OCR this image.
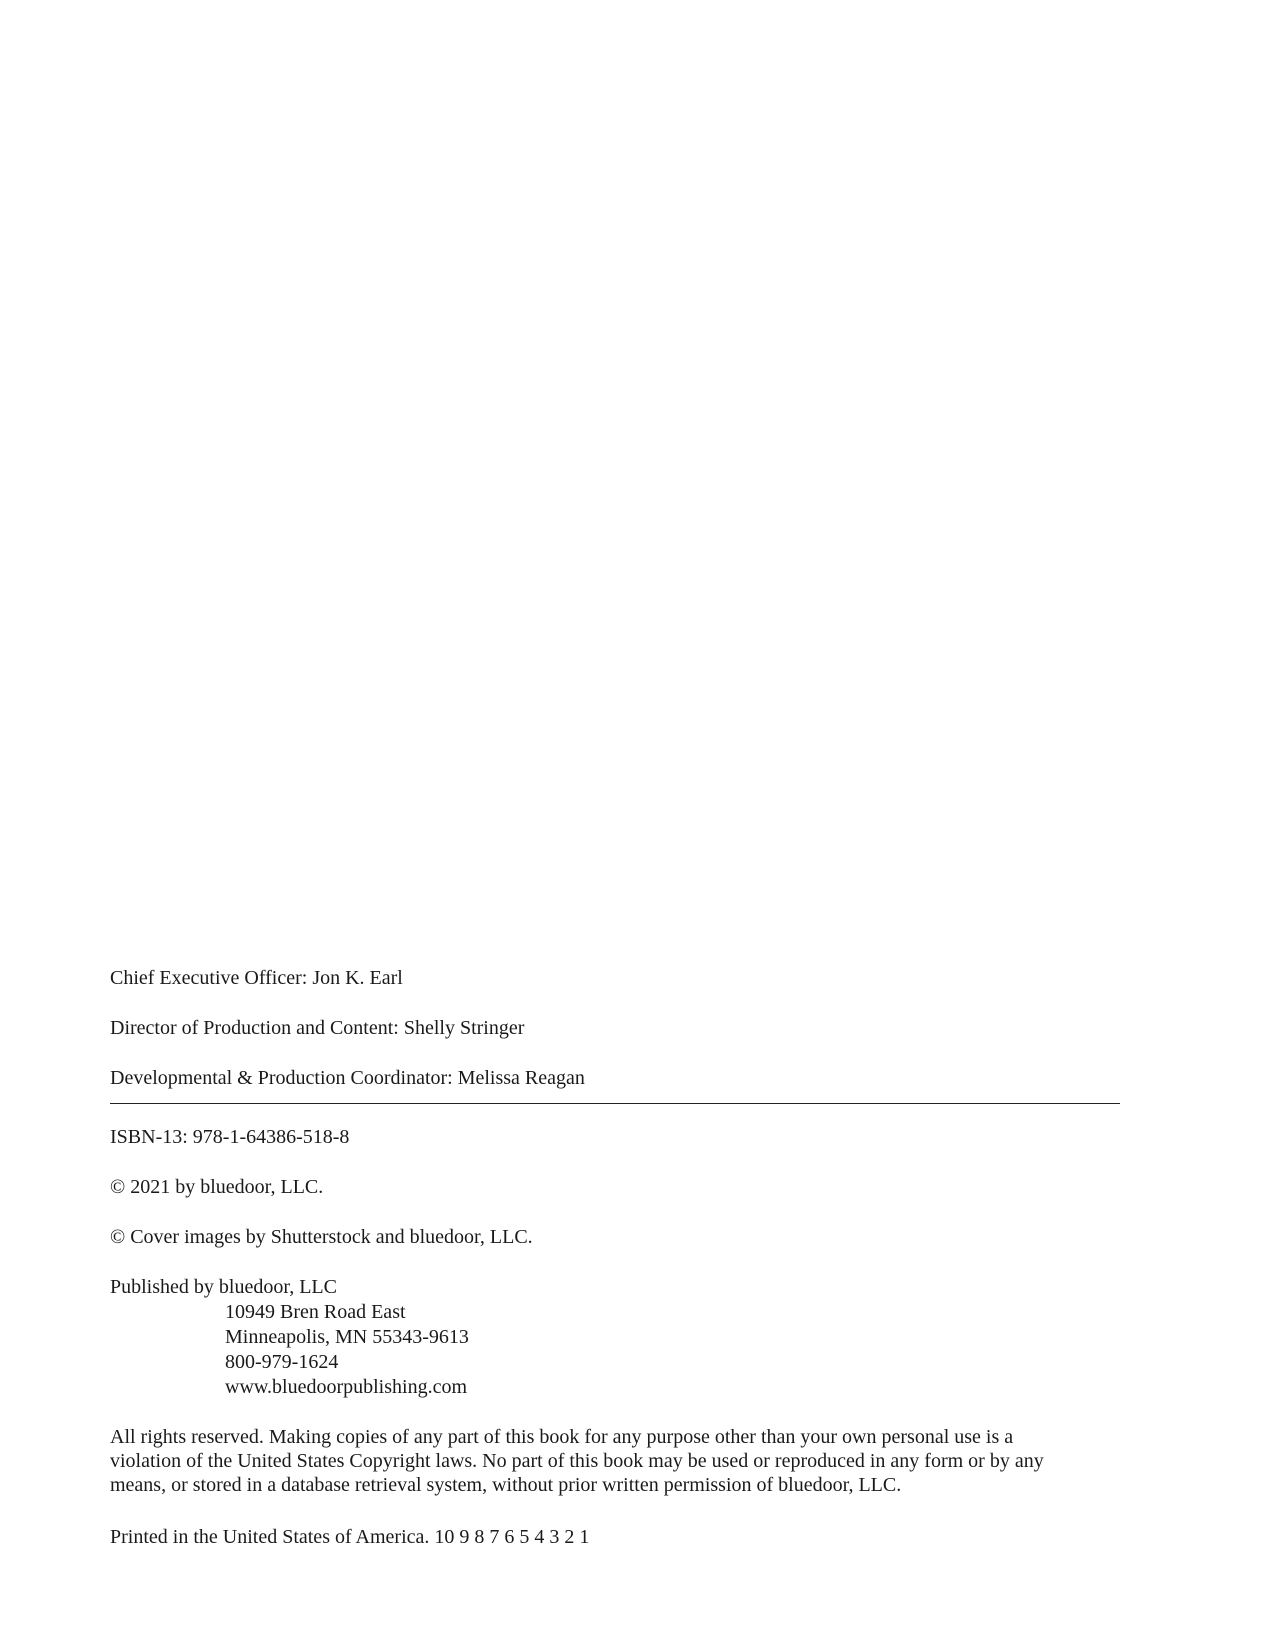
Chief Executive Officer: Jon K. Earl
Director of Production and Content: Shelly Stringer
Developmental & Production Coordinator: Melissa Reagan
ISBN-13: 978-1-64386-518-8
© 2021 by bluedoor, LLC.
© Cover images by Shutterstock and bluedoor, LLC.
Published by bluedoor, LLC
10949 Bren Road East
Minneapolis, MN 55343-9613
800-979-1624
www.bluedoorpublishing.com
All rights reserved. Making copies of any part of this book for any purpose other than your own personal use is a
violation of the United States Copyright laws. No part of this book may be used or reproduced in any form or by any
means, or stored in a database retrieval system, without prior written permission of bluedoor, LLC.
Printed in the United States of America. 10 9 8 7 6 5 4 3 2 1
